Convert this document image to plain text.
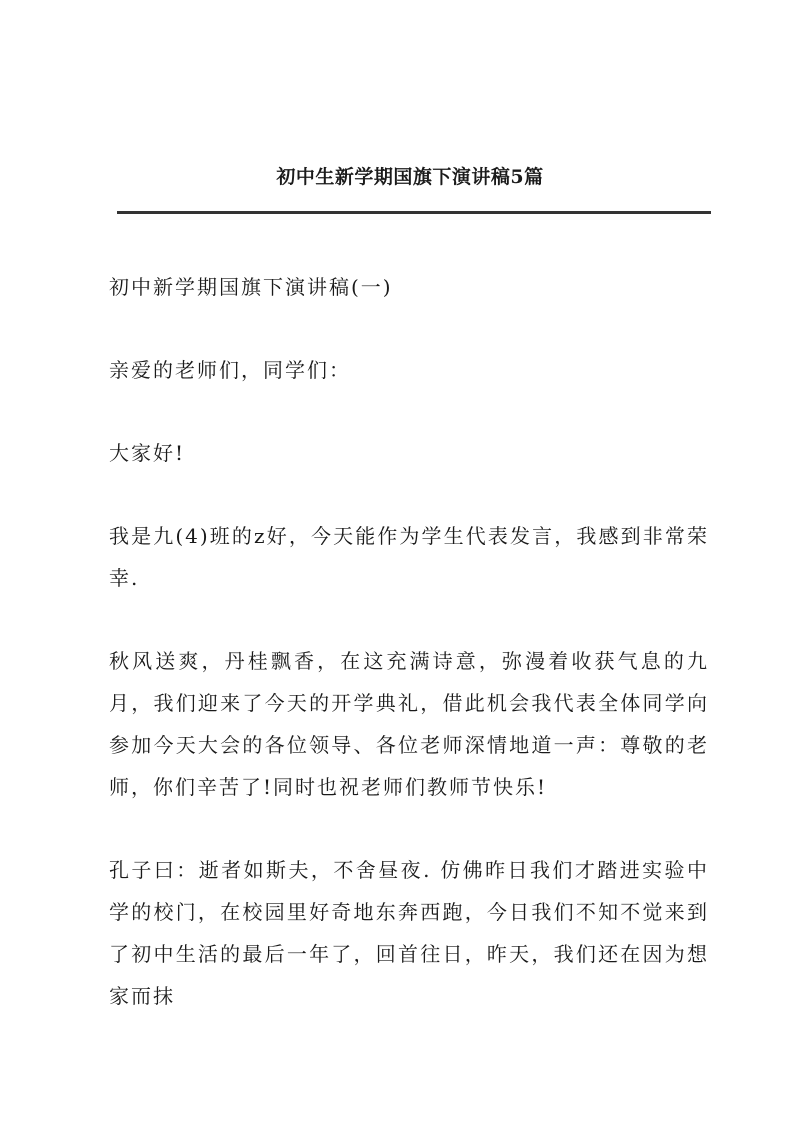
初中生新学期国旗下演讲稿5篇

初中新学期国旗下演讲稿(一)

亲爱的老师们，同学们：

大家好!

我是九(4)班的z好，今天能作为学生代表发言，我感到非常荣幸.

秋风送爽，丹桂飘香，在这充满诗意，弥漫着收获气息的九月，我们迎来了今天的开学典礼，借此机会我代表全体同学向参加今天大会的各位领导、各位老师深情地道一声：尊敬的老师，你们辛苦了!同时也祝老师们教师节快乐!

孔子曰：逝者如斯夫，不舍昼夜. 仿佛昨日我们才踏进实验中学的校门，在校园里好奇地东奔西跑，今日我们不知不觉来到了初中生活的最后一年了，回首往日，昨天，我们还在因为想家而抹
